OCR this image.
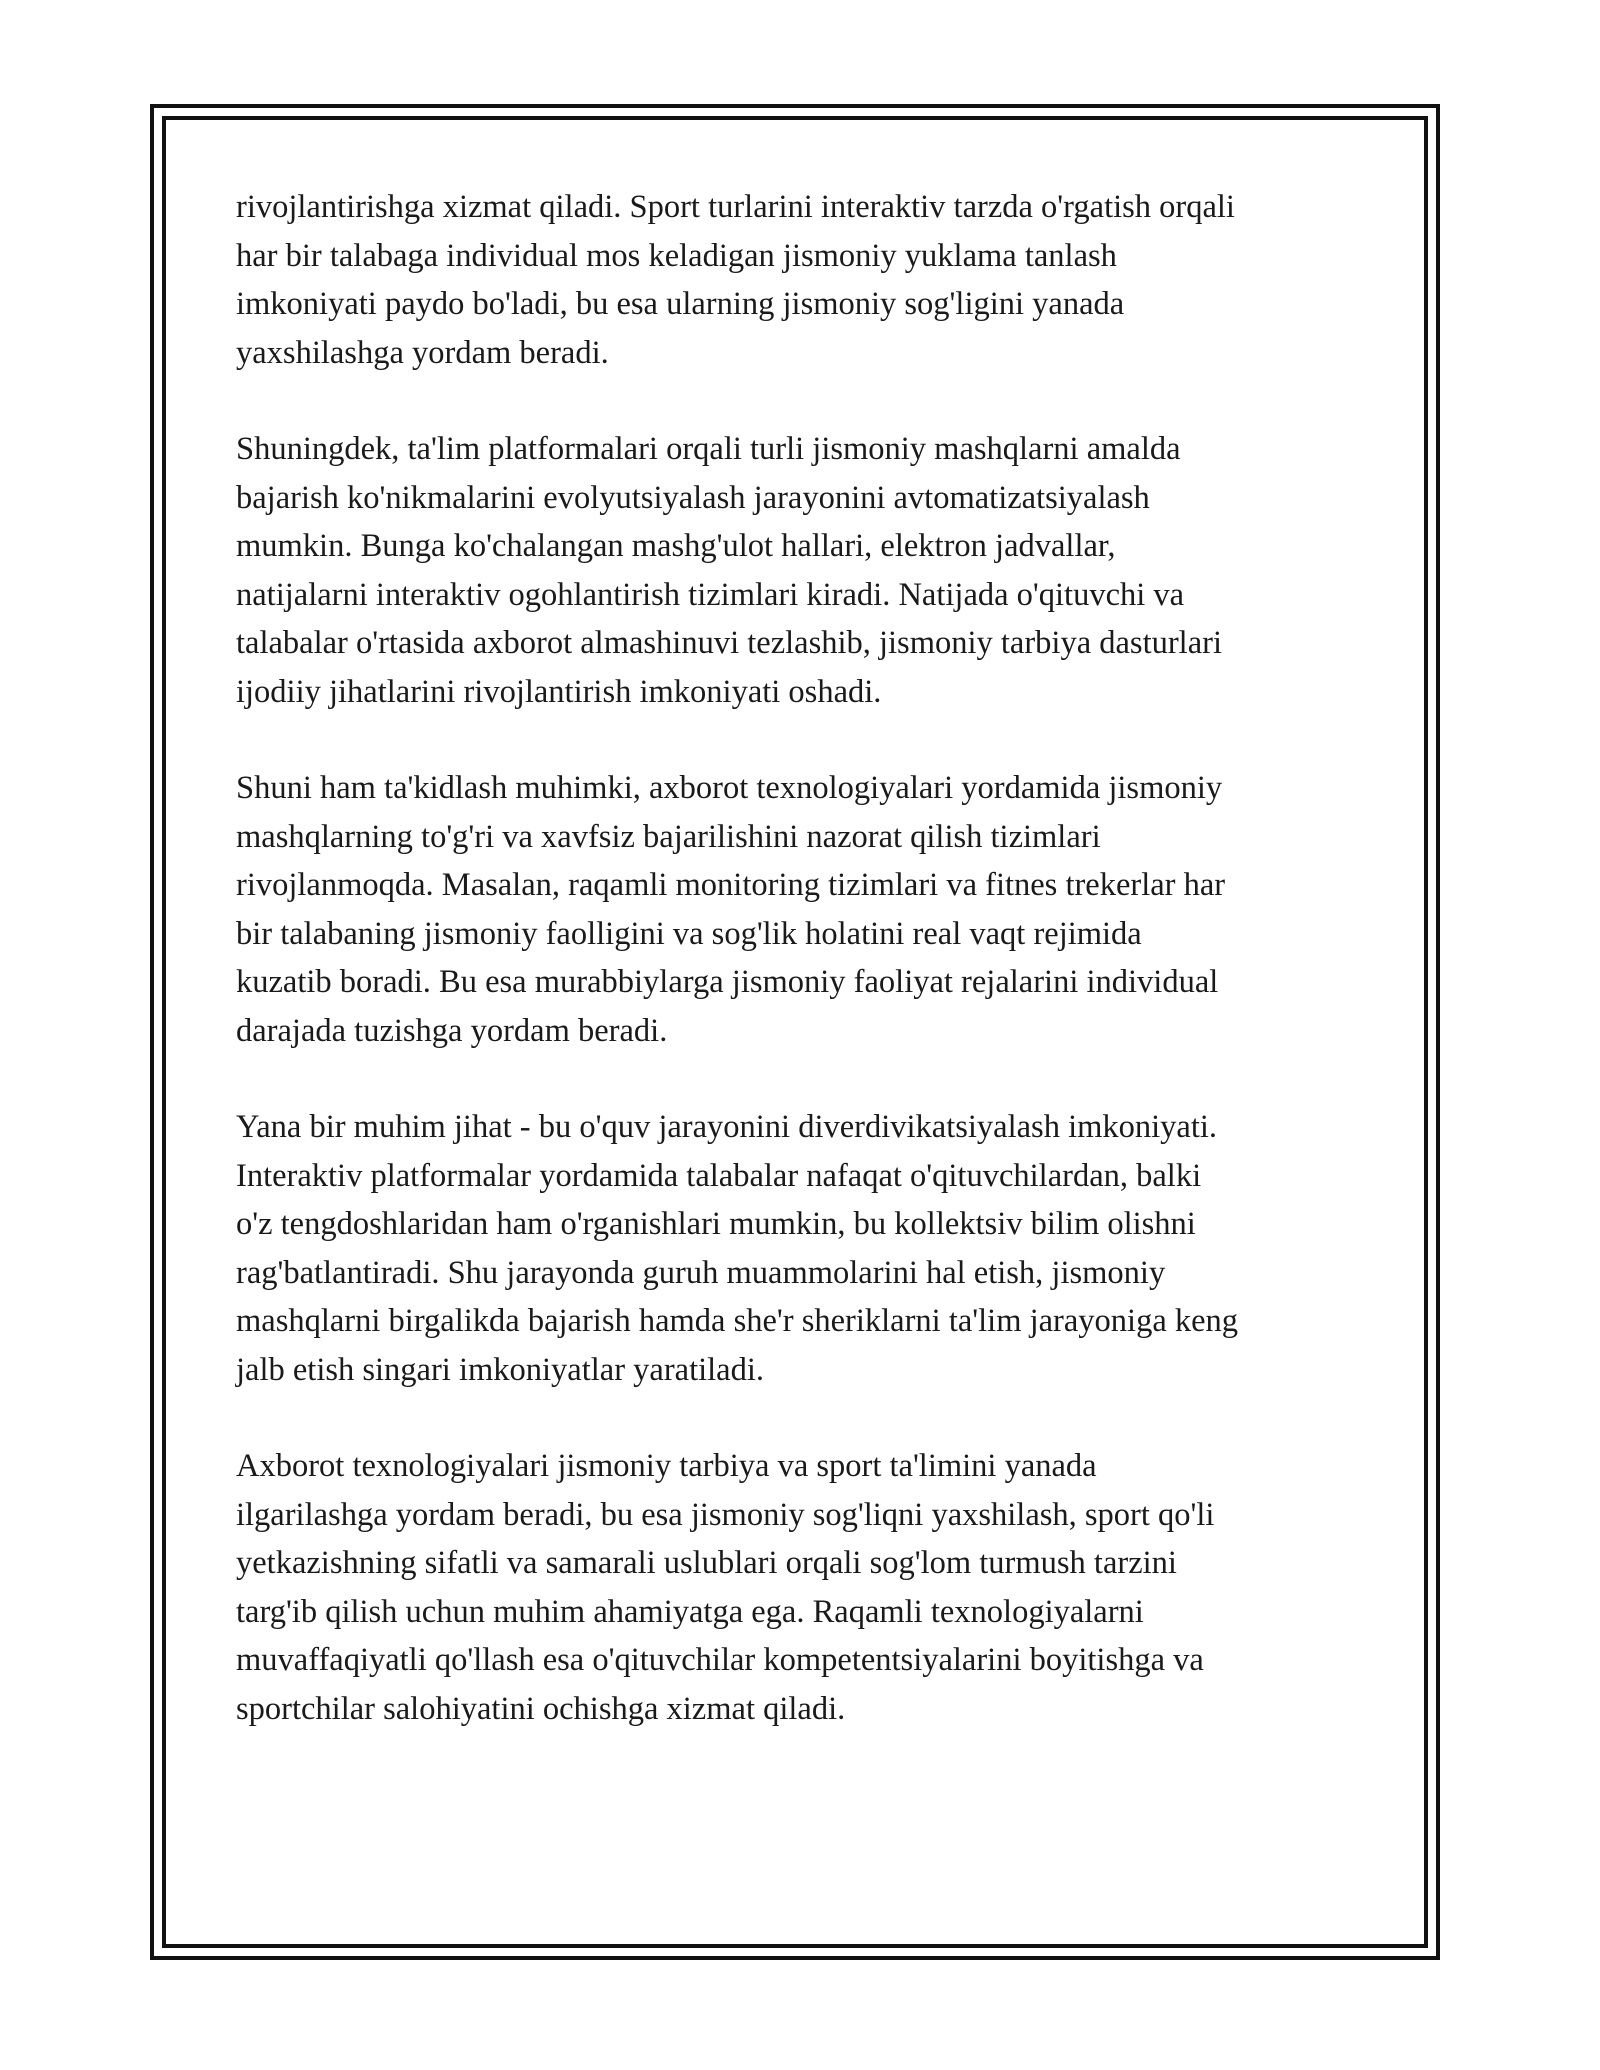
rivojlantirishga xizmat qiladi. Sport turlarini interaktiv tarzda o'rgatish orqali
har bir talabaga individual mos keladigan jismoniy yuklama tanlash
imkoniyati paydo bo'ladi, bu esa ularning jismoniy sog'ligini yanada
yaxshilashga yordam beradi.

Shuningdek, ta'lim platformalari orqali turli jismoniy mashqlarni amalda
bajarish ko'nikmalarini evolyutsiyalash jarayonini avtomatizatsiyalash
mumkin. Bunga ko'chalangan mashg'ulot hallari, elektron jadvallar,
natijalarni interaktiv ogohlantirish tizimlari kiradi. Natijada o'qituvchi va
talabalar o'rtasida axborot almashinuvi tezlashib, jismoniy tarbiya dasturlari
ijodiiy jihatlarini rivojlantirish imkoniyati oshadi.

Shuni ham ta'kidlash muhimki, axborot texnologiyalari yordamida jismoniy
mashqlarning to'g'ri va xavfsiz bajarilishini nazorat qilish tizimlari
rivojlanmoqda. Masalan, raqamli monitoring tizimlari va fitnes trekerlar har
bir talabaning jismoniy faolligini va sog'lik holatini real vaqt rejimida
kuzatib boradi. Bu esa murabbiylarga jismoniy faoliyat rejalarini individual
darajada tuzishga yordam beradi.

Yana bir muhim jihat - bu o'quv jarayonini diverdivikatsiyalash imkoniyati.
Interaktiv platformalar yordamida talabalar nafaqat o'qituvchilardan, balki
o'z tengdoshlaridan ham o'rganishlari mumkin, bu kollektsiv bilim olishni
rag'batlantiradi. Shu jarayonda guruh muammolarini hal etish, jismoniy
mashqlarni birgalikda bajarish hamda she'r sheriklarni ta'lim jarayoniga keng
jalb etish singari imkoniyatlar yaratiladi.

Axborot texnologiyalari jismoniy tarbiya va sport ta'limini yanada
ilgarilashga yordam beradi, bu esa jismoniy sog'liqni yaxshilash, sport qo'li
yetkazishning sifatli va samarali uslublari orqali sog'lom turmush tarzini
targ'ib qilish uchun muhim ahamiyatga ega. Raqamli texnologiyalarni
muvaffaqiyatli qo'llash esa o'qituvchilar kompetentsiyalarini boyitishga va
sportchilar salohiyatini ochishga xizmat qiladi.
